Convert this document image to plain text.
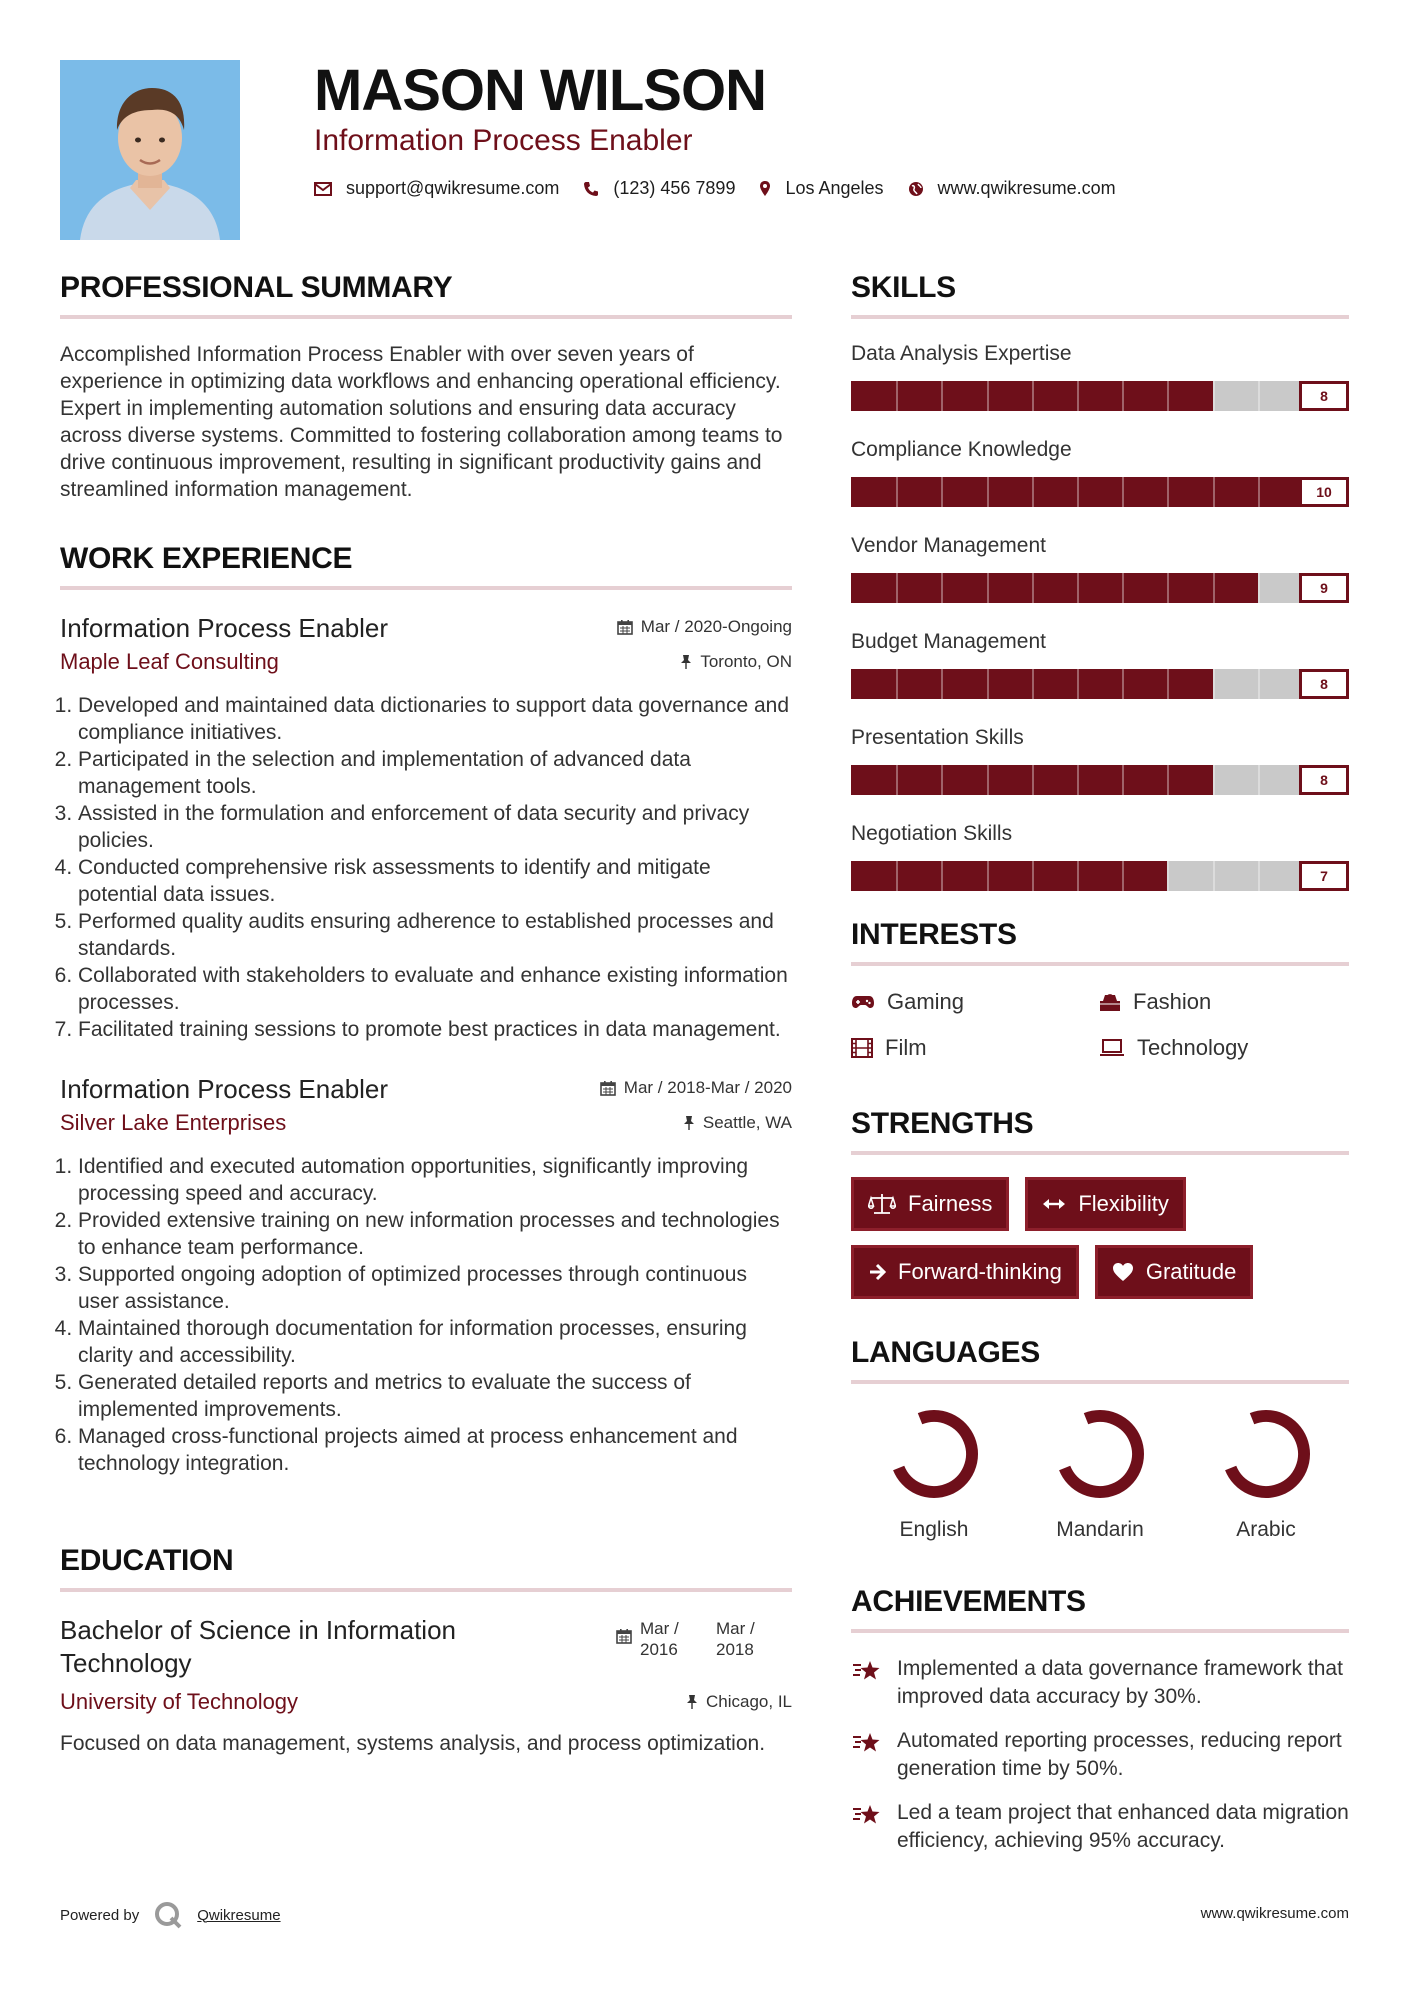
MASON WILSON
Information Process Enabler
support@qwikresume.com	(123) 456 7899	Los Angeles	www.qwikresume.com
PROFESSIONAL SUMMARY

Accomplished Information Process Enabler with over seven years of experience in optimizing data workflows and enhancing operational efficiency. Expert in implementing automation solutions and ensuring data accuracy across diverse systems. Committed to fostering collaboration among teams to drive continuous improvement, resulting in significant productivity gains and streamlined information management.

WORK EXPERIENCE
Information Process Enabler	Mar / 2020-Ongoing
Maple Leaf Consulting	Toronto, ON
1. Developed and maintained data dictionaries to support data governance and compliance initiatives.
2. Participated in the selection and implementation of advanced data management tools.
3. Assisted in the formulation and enforcement of data security and privacy policies.
4. Conducted comprehensive risk assessments to identify and mitigate potential data issues.
5. Performed quality audits ensuring adherence to established processes and standards.
6. Collaborated with stakeholders to evaluate and enhance existing information processes.
7. Facilitated training sessions to promote best practices in data management.
Information Process Enabler	Mar / 2018-Mar / 2020
Silver Lake Enterprises	Seattle, WA
1. Identified and executed automation opportunities, significantly improving processing speed and accuracy.
2. Provided extensive training on new information processes and technologies to enhance team performance.
3. Supported ongoing adoption of optimized processes through continuous user assistance.
4. Maintained thorough documentation for information processes, ensuring clarity and accessibility.
5. Generated detailed reports and metrics to evaluate the success of implemented improvements.
6. Managed cross-functional projects aimed at process enhancement and technology integration.
EDUCATION
Bachelor of Science in Information Technology
Mar / 2016
Mar / 2018
University of Technology	Chicago, IL

Focused on data management, systems analysis, and process optimization.

SKILLS
Data Analysis Expertise
8
Compliance Knowledge
10
Vendor Management
9
Budget Management
8
Presentation Skills
8
Negotiation Skills
7
INTERESTS
Gaming	Fashion
Film	Technology
STRENGTHS
Fairness	Flexibility
Forward-thinking	Gratitude
LANGUAGES
English	Mandarin	Arabic
ACHIEVEMENTS
Implemented a data governance framework that improved data accuracy by 30%.
Automated reporting processes, reducing report generation time by 50%.
Led a team project that enhanced data migration efficiency, achieving 95% accuracy.
Powered by	Qwikresume	www.qwikresume.com
